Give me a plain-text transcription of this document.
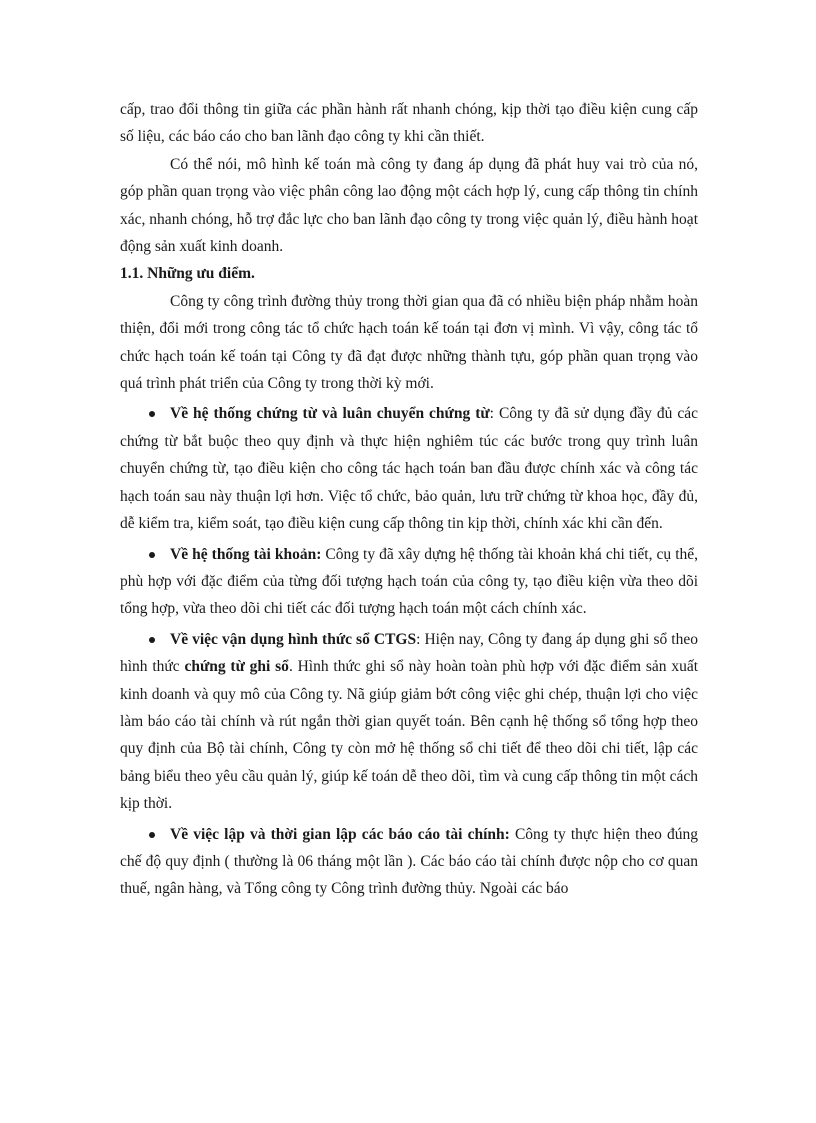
cấp, trao đổi thông tin giữa các phần hành rất nhanh chóng, kịp thời tạo điều kiện cung cấp số liệu, các báo cáo cho ban lãnh đạo công ty khi cần thiết.

Có thể nói, mô hình kế toán mà công ty đang áp dụng đã phát huy vai trò của nó, góp phần quan trọng vào việc phân công lao động một cách hợp lý, cung cấp thông tin chính xác, nhanh chóng, hỗ trợ đắc lực cho ban lãnh đạo công ty trong việc quản lý, điều hành hoạt động sản xuất kinh doanh.

1.1. Những ưu điểm.

Công ty công trình đường thủy trong thời gian qua đã có nhiều biện pháp nhằm hoàn thiện, đổi mới trong công tác tổ chức hạch toán kế toán tại đơn vị mình. Vì vậy, công tác tổ chức hạch toán kế toán tại Công ty đã đạt được những thành tựu, góp phần quan trọng vào quá trình phát triển của Công ty trong thời kỳ mới.

Về hệ thống chứng từ và luân chuyển chứng từ: Công ty đã sử dụng đầy đủ các chứng từ bắt buộc theo quy định và thực hiện nghiêm túc các bước trong quy trình luân chuyển chứng từ, tạo điều kiện cho công tác hạch toán ban đầu được chính xác và công tác hạch toán sau này thuận lợi hơn. Việc tổ chức, bảo quản, lưu trữ chứng từ khoa học, đầy đủ, dễ kiểm tra, kiểm soát, tạo điều kiện cung cấp thông tin kịp thời, chính xác khi cần đến.

Về hệ thống tài khoản: Công ty đã xây dựng hệ thống tài khoản khá chi tiết, cụ thể, phù hợp với đặc điểm của từng đối tượng hạch toán của công ty, tạo điều kiện vừa theo dõi tổng hợp, vừa theo dõi chi tiết các đối tượng hạch toán một cách chính xác.

Về việc vận dụng hình thức sổ CTGS: Hiện nay, Công ty đang áp dụng ghi sổ theo hình thức chứng từ ghi sổ. Hình thức ghi sổ này hoàn toàn phù hợp với đặc điểm sản xuất kinh doanh và quy mô của Công ty. Nã giúp giảm bớt công việc ghi chép, thuận lợi cho việc làm báo cáo tài chính và rút ngắn thời gian quyết toán. Bên cạnh hệ thống sổ tổng hợp theo quy định của Bộ tài chính, Công ty còn mở hệ thống sổ chi tiết để theo dõi chi tiết, lập các bảng biểu theo yêu cầu quản lý, giúp kế toán dễ theo dõi, tìm và cung cấp thông tin một cách kịp thời.

Về việc lập và thời gian lập các báo cáo tài chính: Công ty thực hiện theo đúng chế độ quy định ( thường là 06 tháng một lần ). Các báo cáo tài chính được nộp cho cơ quan thuế, ngân hàng, và Tổng công ty Công trình đường thủy. Ngoài các báo
